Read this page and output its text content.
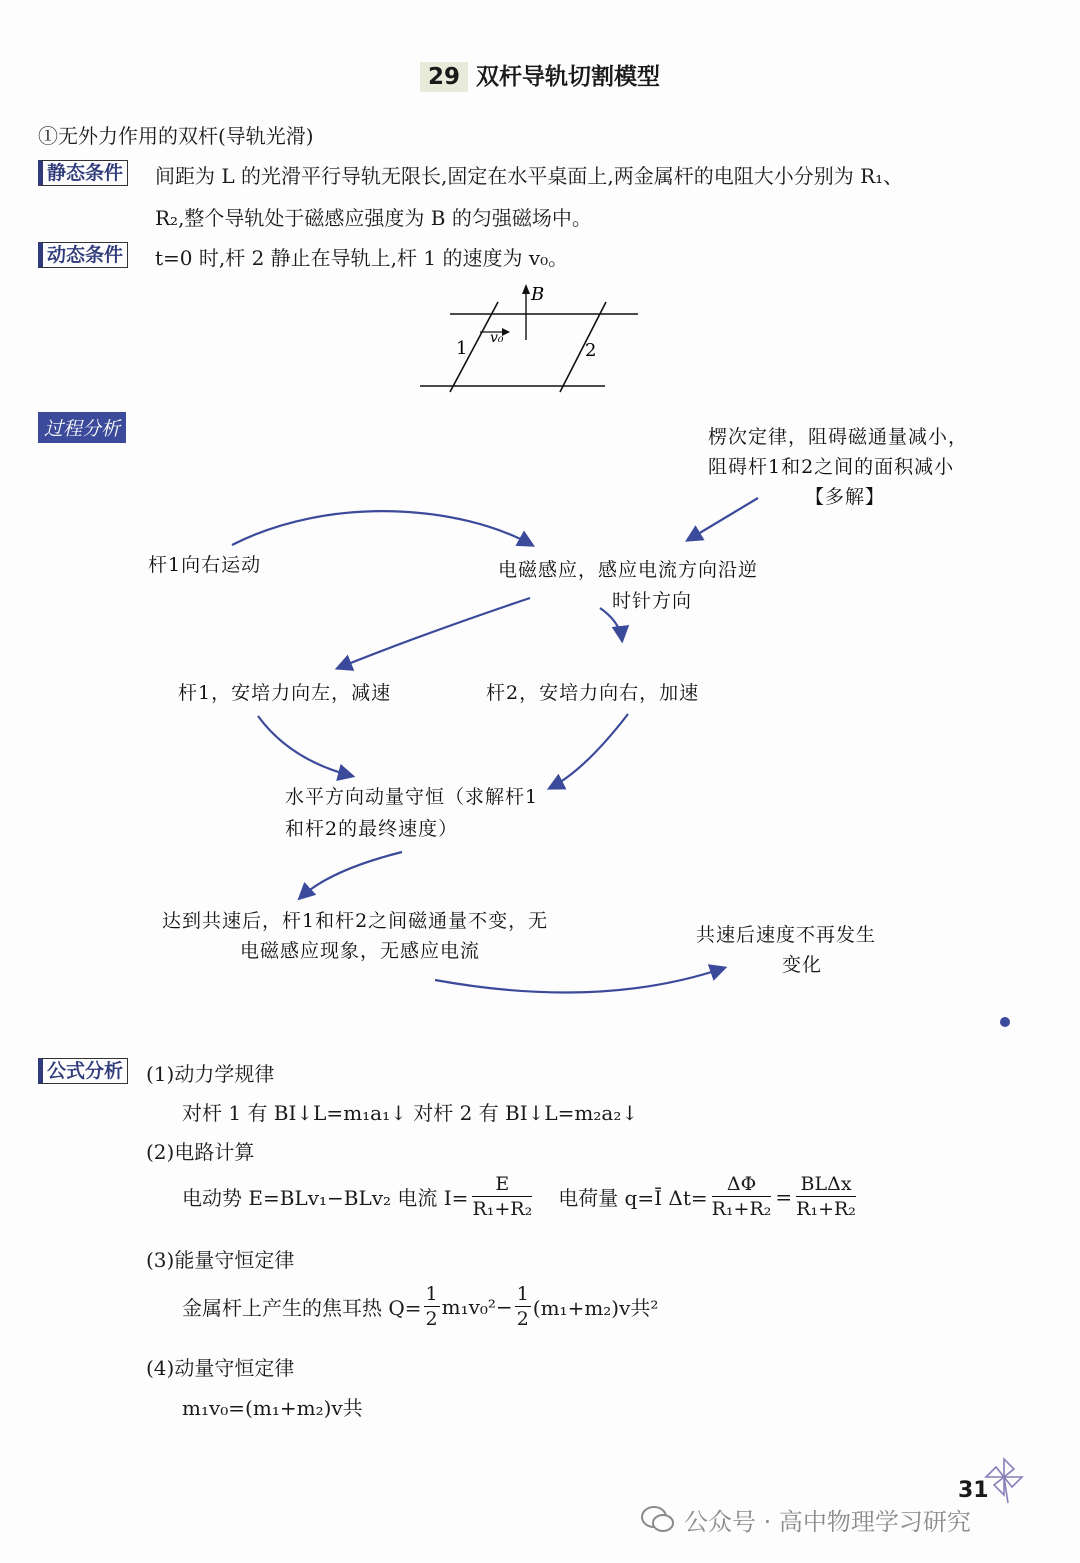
29 双杆导轨切割模型
①无外力作用的双杆(导轨光滑)
静态条件 间距为 L 的光滑平行导轨无限长,固定在水平桌面上,两金属杆的电阻大小分别为 R₁、
R₂,整个导轨处于磁感应强度为 B 的匀强磁场中。
动态条件 t=0 时,杆 2 静止在导轨上,杆 1 的速度为 v₀。
B
1	2
v₀
过程分析	楞次定律，阻碍磁通量减小，
阻碍杆1和2之间的面积减小
【多解】
杆1向右运动	电磁感应，感应电流方向沿逆
时针方向
杆1，安培力向左，减速	杆2，安培力向右，加速
水平方向动量守恒（求解杆1
和杆2的最终速度）
达到共速后，杆1和杆2之间磁通量不变，无
电磁感应现象，无感应电流
共速后速度不再发生
变化
公式分析 (1)动力学规律
对杆 1 有 BI↓L=m₁a₁↓ 对杆 2 有 BI↓L=m₂a₂↓
(2)电路计算
电动势 E=BLv₁−BLv₂ 电流 $I= \frac{E}{\text{R₁+R₂}}$ 电荷量 q=Ī $\Delta t= \frac{\Delta\Phi}{\text{R₁+R₂}} = \frac{\text{BLΔx}}{\text{R₁+R₂}}$
(3)能量守恒定律
金属杆上产生的焦耳热 $Q= \frac{1}{2} m_1v_0^2- \frac{1}{2} (m_1+m_2)v$共²
(4)动量守恒定律
m₁v₀=(m₁+m₂)v共
31
公众号 · 高中物理学习研究
